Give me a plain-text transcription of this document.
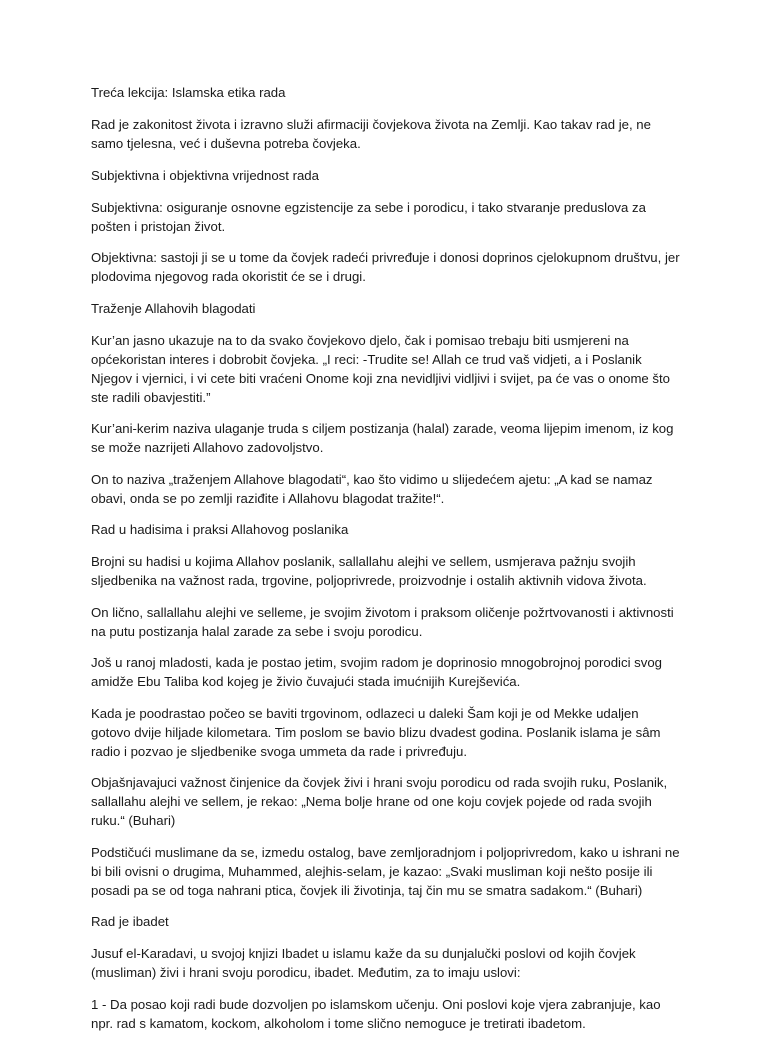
Treća lekcija: Islamska etika rada

Rad je zakonitost života i izravno služi afirmaciji čovjekova života na Zemlji. Kao takav rad je, ne samo tjelesna, već i duševna potreba čovjeka.

Subjektivna i objektivna vrijednost rada

Subjektivna: osiguranje osnovne egzistencije za sebe i porodicu, i tako stvaranje preduslova za pošten i pristojan život.

Objektivna: sastoji ji se u tome da čovjek radeći privređuje i donosi doprinos cjelokupnom društvu, jer plodovima njegovog rada okoristit će se i drugi.

Traženje Allahovih blagodati

Kur’an jasno ukazuje na to da svako čovjekovo djelo, čak i pomisao trebaju biti usmjereni na općekoristan interes i dobrobit čovjeka. „I reci: -Trudite se! Allah ce trud vaš vidjeti, a i Poslanik Njegov i vjernici, i vi cete biti vraćeni Onome koji zna nevidljivi vidljivi i svijet, pa će vas o onome što ste radili obavjestiti.”

Kur’ani-kerim naziva ulaganje truda s ciljem postizanja (halal) zarade, veoma lijepim imenom, iz kog se može nazrijeti Allahovo zadovoljstvo.

On to naziva „traženjem Allahove blagodati“, kao što vidimo u slijedećem ajetu: „A kad se namaz obavi, onda se po zemlji raziđite i Allahovu blagodat tražite!“.

Rad u hadisima i praksi Allahovog poslanika

Brojni su hadisi u kojima Allahov poslanik, sallallahu alejhi ve sellem, usmjerava pažnju svojih sljedbenika na važnost rada, trgovine, poljoprivrede, proizvodnje i ostalih aktivnih vidova života.

On lično, sallallahu alejhi ve selleme, je svojim životom i praksom oličenje požrtvovanosti i aktivnosti na putu postizanja halal zarade za sebe i svoju porodicu.

Još u ranoj mladosti, kada je postao jetim, svojim radom je doprinosio mnogobrojnoj porodici svog amidže Ebu Taliba kod kojeg je živio čuvajući stada imućnijih Kurejševića.

Kada je poodrastao počeo se baviti trgovinom, odlazeci u daleki Šam koji je od Mekke udaljen gotovo dvije hiljade kilometara. Tim poslom se bavio blizu dvadest godina. Poslanik islama je sâm radio i pozvao je sljedbenike svoga ummeta da rade i privređuju.

Objašnjavajuci važnost činjenice da čovjek živi i hrani svoju porodicu od rada svojih ruku, Poslanik, sallallahu alejhi ve sellem, je rekao: „Nema bolje hrane od one koju covjek pojede od rada svojih ruku.“ (Buhari)

Podstičući muslimane da se, izmedu ostalog, bave zemljoradnjom i poljoprivredom, kako u ishrani ne bi bili ovisni o drugima, Muhammed, alejhis-selam, je kazao: „Svaki musliman koji nešto posije ili posadi pa se od toga nahrani ptica, čovjek ili životinja, taj čin mu se smatra sadakom.“ (Buhari)

Rad je ibadet

Jusuf el-Karadavi, u svojoj knjizi Ibadet u islamu kaže da su dunjalučki poslovi od kojih čovjek (musliman) živi i hrani svoju porodicu, ibadet. Međutim, za to imaju uslovi:

1 - Da posao koji radi bude dozvoljen po islamskom učenju. Oni poslovi koje vjera zabranjuje, kao npr. rad s kamatom, kockom, alkoholom i tome slično nemoguce je tretirati ibadetom.
